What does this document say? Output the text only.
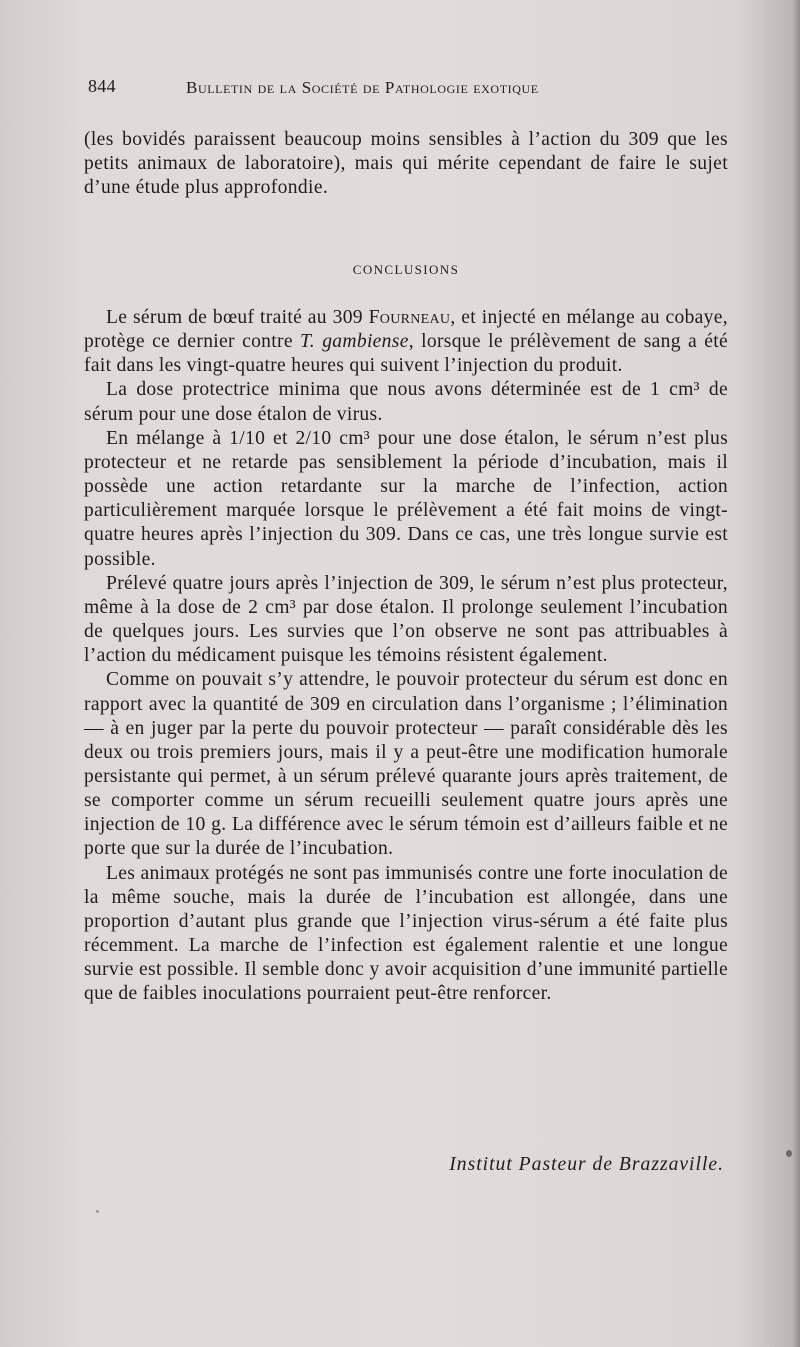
844	Bulletin de la Société de Pathologie exotique

(les bovidés paraissent beaucoup moins sensibles à l’action du 309 que les petits animaux de laboratoire), mais qui mérite cependant de faire le sujet d’une étude plus approfondie.

CONCLUSIONS

Le sérum de bœuf traité au 309 Fourneau, et injecté en mélange au cobaye, protège ce dernier contre T. gambiense, lorsque le prélèvement de sang a été fait dans les vingt-quatre heures qui suivent l’injection du produit.

La dose protectrice minima que nous avons déterminée est de 1 cm³ de sérum pour une dose étalon de virus.

En mélange à 1/10 et 2/10 cm³ pour une dose étalon, le sérum n’est plus protecteur et ne retarde pas sensiblement la période d’incubation, mais il possède une action retardante sur la marche de l’infection, action particulièrement marquée lorsque le prélèvement a été fait moins de vingt-quatre heures après l’injection du 309. Dans ce cas, une très longue survie est possible.

Prélevé quatre jours après l’injection de 309, le sérum n’est plus protecteur, même à la dose de 2 cm³ par dose étalon. Il prolonge seulement l’incubation de quelques jours. Les survies que l’on observe ne sont pas attribuables à l’action du médicament puisque les témoins résistent également.

Comme on pouvait s’y attendre, le pouvoir protecteur du sérum est donc en rapport avec la quantité de 309 en circulation dans l’organisme ; l’élimination — à en juger par la perte du pouvoir protecteur — paraît considérable dès les deux ou trois premiers jours, mais il y a peut-être une modification humorale persistante qui permet, à un sérum prélevé quarante jours après traitement, de se comporter comme un sérum recueilli seulement quatre jours après une injection de 10 g. La différence avec le sérum témoin est d’ailleurs faible et ne porte que sur la durée de l’incubation.

Les animaux protégés ne sont pas immunisés contre une forte inoculation de la même souche, mais la durée de l’incubation est allongée, dans une proportion d’autant plus grande que l’injection virus-sérum a été faite plus récemment. La marche de l’infection est également ralentie et une longue survie est possible. Il semble donc y avoir acquisition d’une immunité partielle que de faibles inoculations pourraient peut-être renforcer.

Institut Pasteur de Brazzaville.
